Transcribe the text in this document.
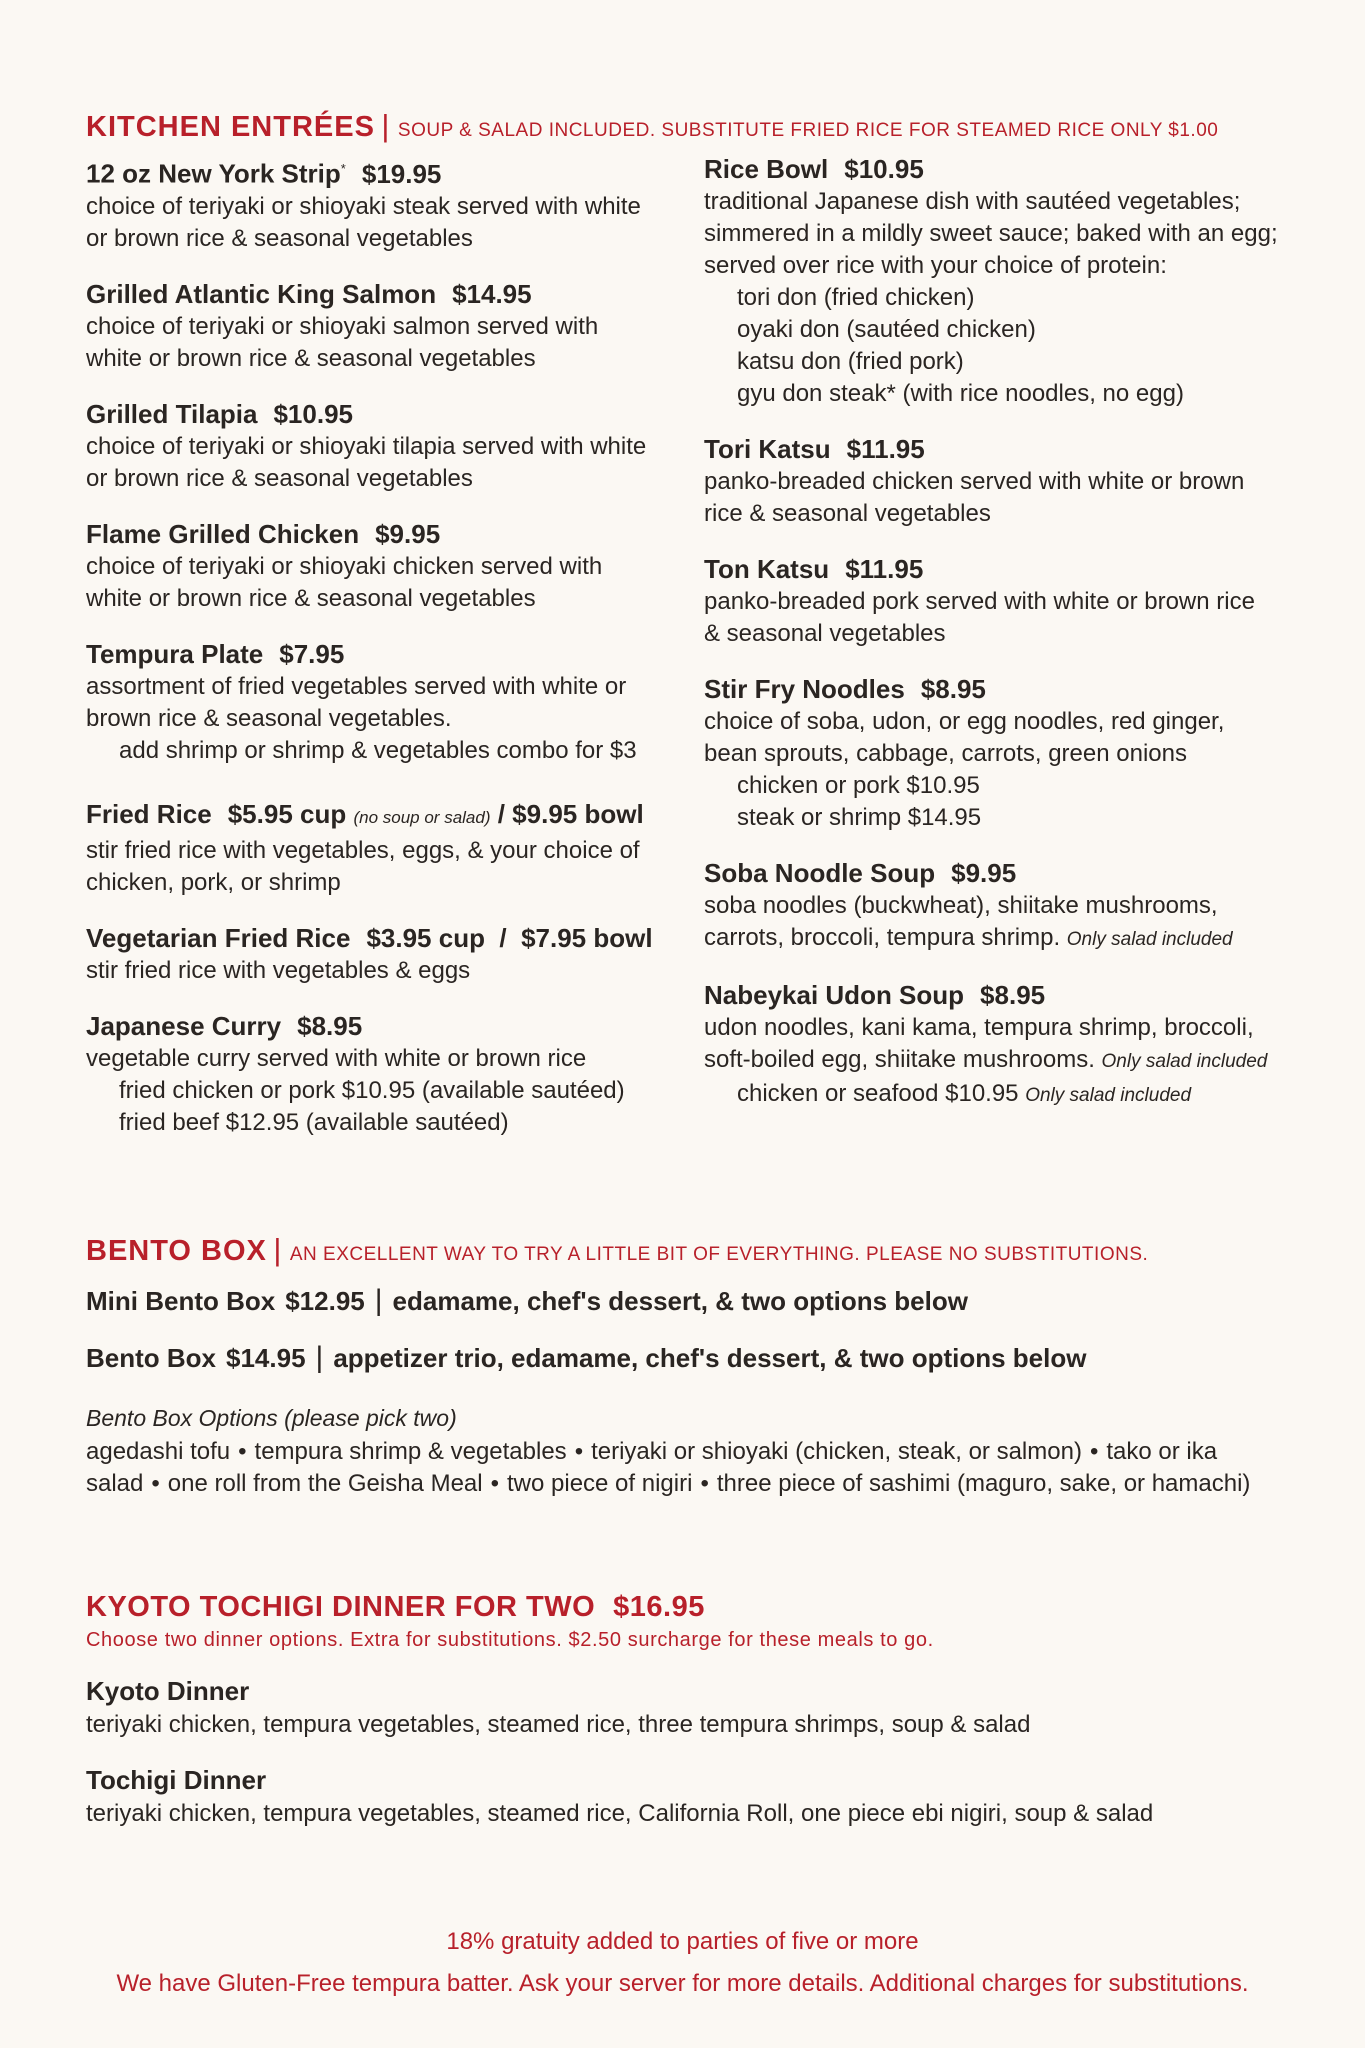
KITCHEN ENTRÉES | SOUP & SALAD INCLUDED. SUBSTITUTE FRIED RICE FOR STEAMED RICE ONLY $1.00
12 oz New York Strip* $19.95
choice of teriyaki or shioyaki steak served with white
or brown rice & seasonal vegetables
Grilled Atlantic King Salmon $14.95
choice of teriyaki or shioyaki salmon served with
white or brown rice & seasonal vegetables
Grilled Tilapia $10.95
choice of teriyaki or shioyaki tilapia served with white
or brown rice & seasonal vegetables
Flame Grilled Chicken $9.95
choice of teriyaki or shioyaki chicken served with
white or brown rice & seasonal vegetables
Tempura Plate $7.95
assortment of fried vegetables served with white or
brown rice & seasonal vegetables.
add shrimp or shrimp & vegetables combo for $3
Fried Rice $5.95 cup (no soup or salad) / $9.95 bowl
stir fried rice with vegetables, eggs, & your choice of
chicken, pork, or shrimp
Vegetarian Fried Rice $3.95 cup  /  $7.95 bowl
stir fried rice with vegetables & eggs
Japanese Curry $8.95
vegetable curry served with white or brown rice
fried chicken or pork $10.95 (available sautéed)
fried beef $12.95 (available sautéed)
Rice Bowl $10.95
traditional Japanese dish with sautéed vegetables;
simmered in a mildly sweet sauce; baked with an egg;
served over rice with your choice of protein:
tori don (fried chicken)
oyaki don (sautéed chicken)
katsu don (fried pork)
gyu don steak* (with rice noodles, no egg)
Tori Katsu $11.95
panko-breaded chicken served with white or brown
rice & seasonal vegetables
Ton Katsu $11.95
panko-breaded pork served with white or brown rice
& seasonal vegetables
Stir Fry Noodles $8.95
choice of soba, udon, or egg noodles, red ginger,
bean sprouts, cabbage, carrots, green onions
chicken or pork $10.95
steak or shrimp $14.95
Soba Noodle Soup $9.95
soba noodles (buckwheat), shiitake mushrooms,
carrots, broccoli, tempura shrimp. Only salad included
Nabeykai Udon Soup $8.95
udon noodles, kani kama, tempura shrimp, broccoli,
soft-boiled egg, shiitake mushrooms. Only salad included
chicken or seafood $10.95 Only salad included
BENTO BOX | AN EXCELLENT WAY TO TRY A LITTLE BIT OF EVERYTHING. PLEASE NO SUBSTITUTIONS.
Mini Bento Box $12.95 | edamame, chef's dessert, & two options below
Bento Box $14.95 | appetizer trio, edamame, chef's dessert, & two options below
Bento Box Options (please pick two)
agedashi tofu • tempura shrimp & vegetables • teriyaki or shioyaki (chicken, steak, or salmon) • tako or ika salad • one roll from the Geisha Meal • two piece of nigiri • three piece of sashimi (maguro, sake, or hamachi)
KYOTO TOCHIGI DINNER FOR TWO $16.95
Choose two dinner options. Extra for substitutions. $2.50 surcharge for these meals to go.
Kyoto Dinner
teriyaki chicken, tempura vegetables, steamed rice, three tempura shrimps, soup & salad
Tochigi Dinner
teriyaki chicken, tempura vegetables, steamed rice, California Roll, one piece ebi nigiri, soup & salad
18% gratuity added to parties of five or more
We have Gluten-Free tempura batter. Ask your server for more details. Additional charges for substitutions.
